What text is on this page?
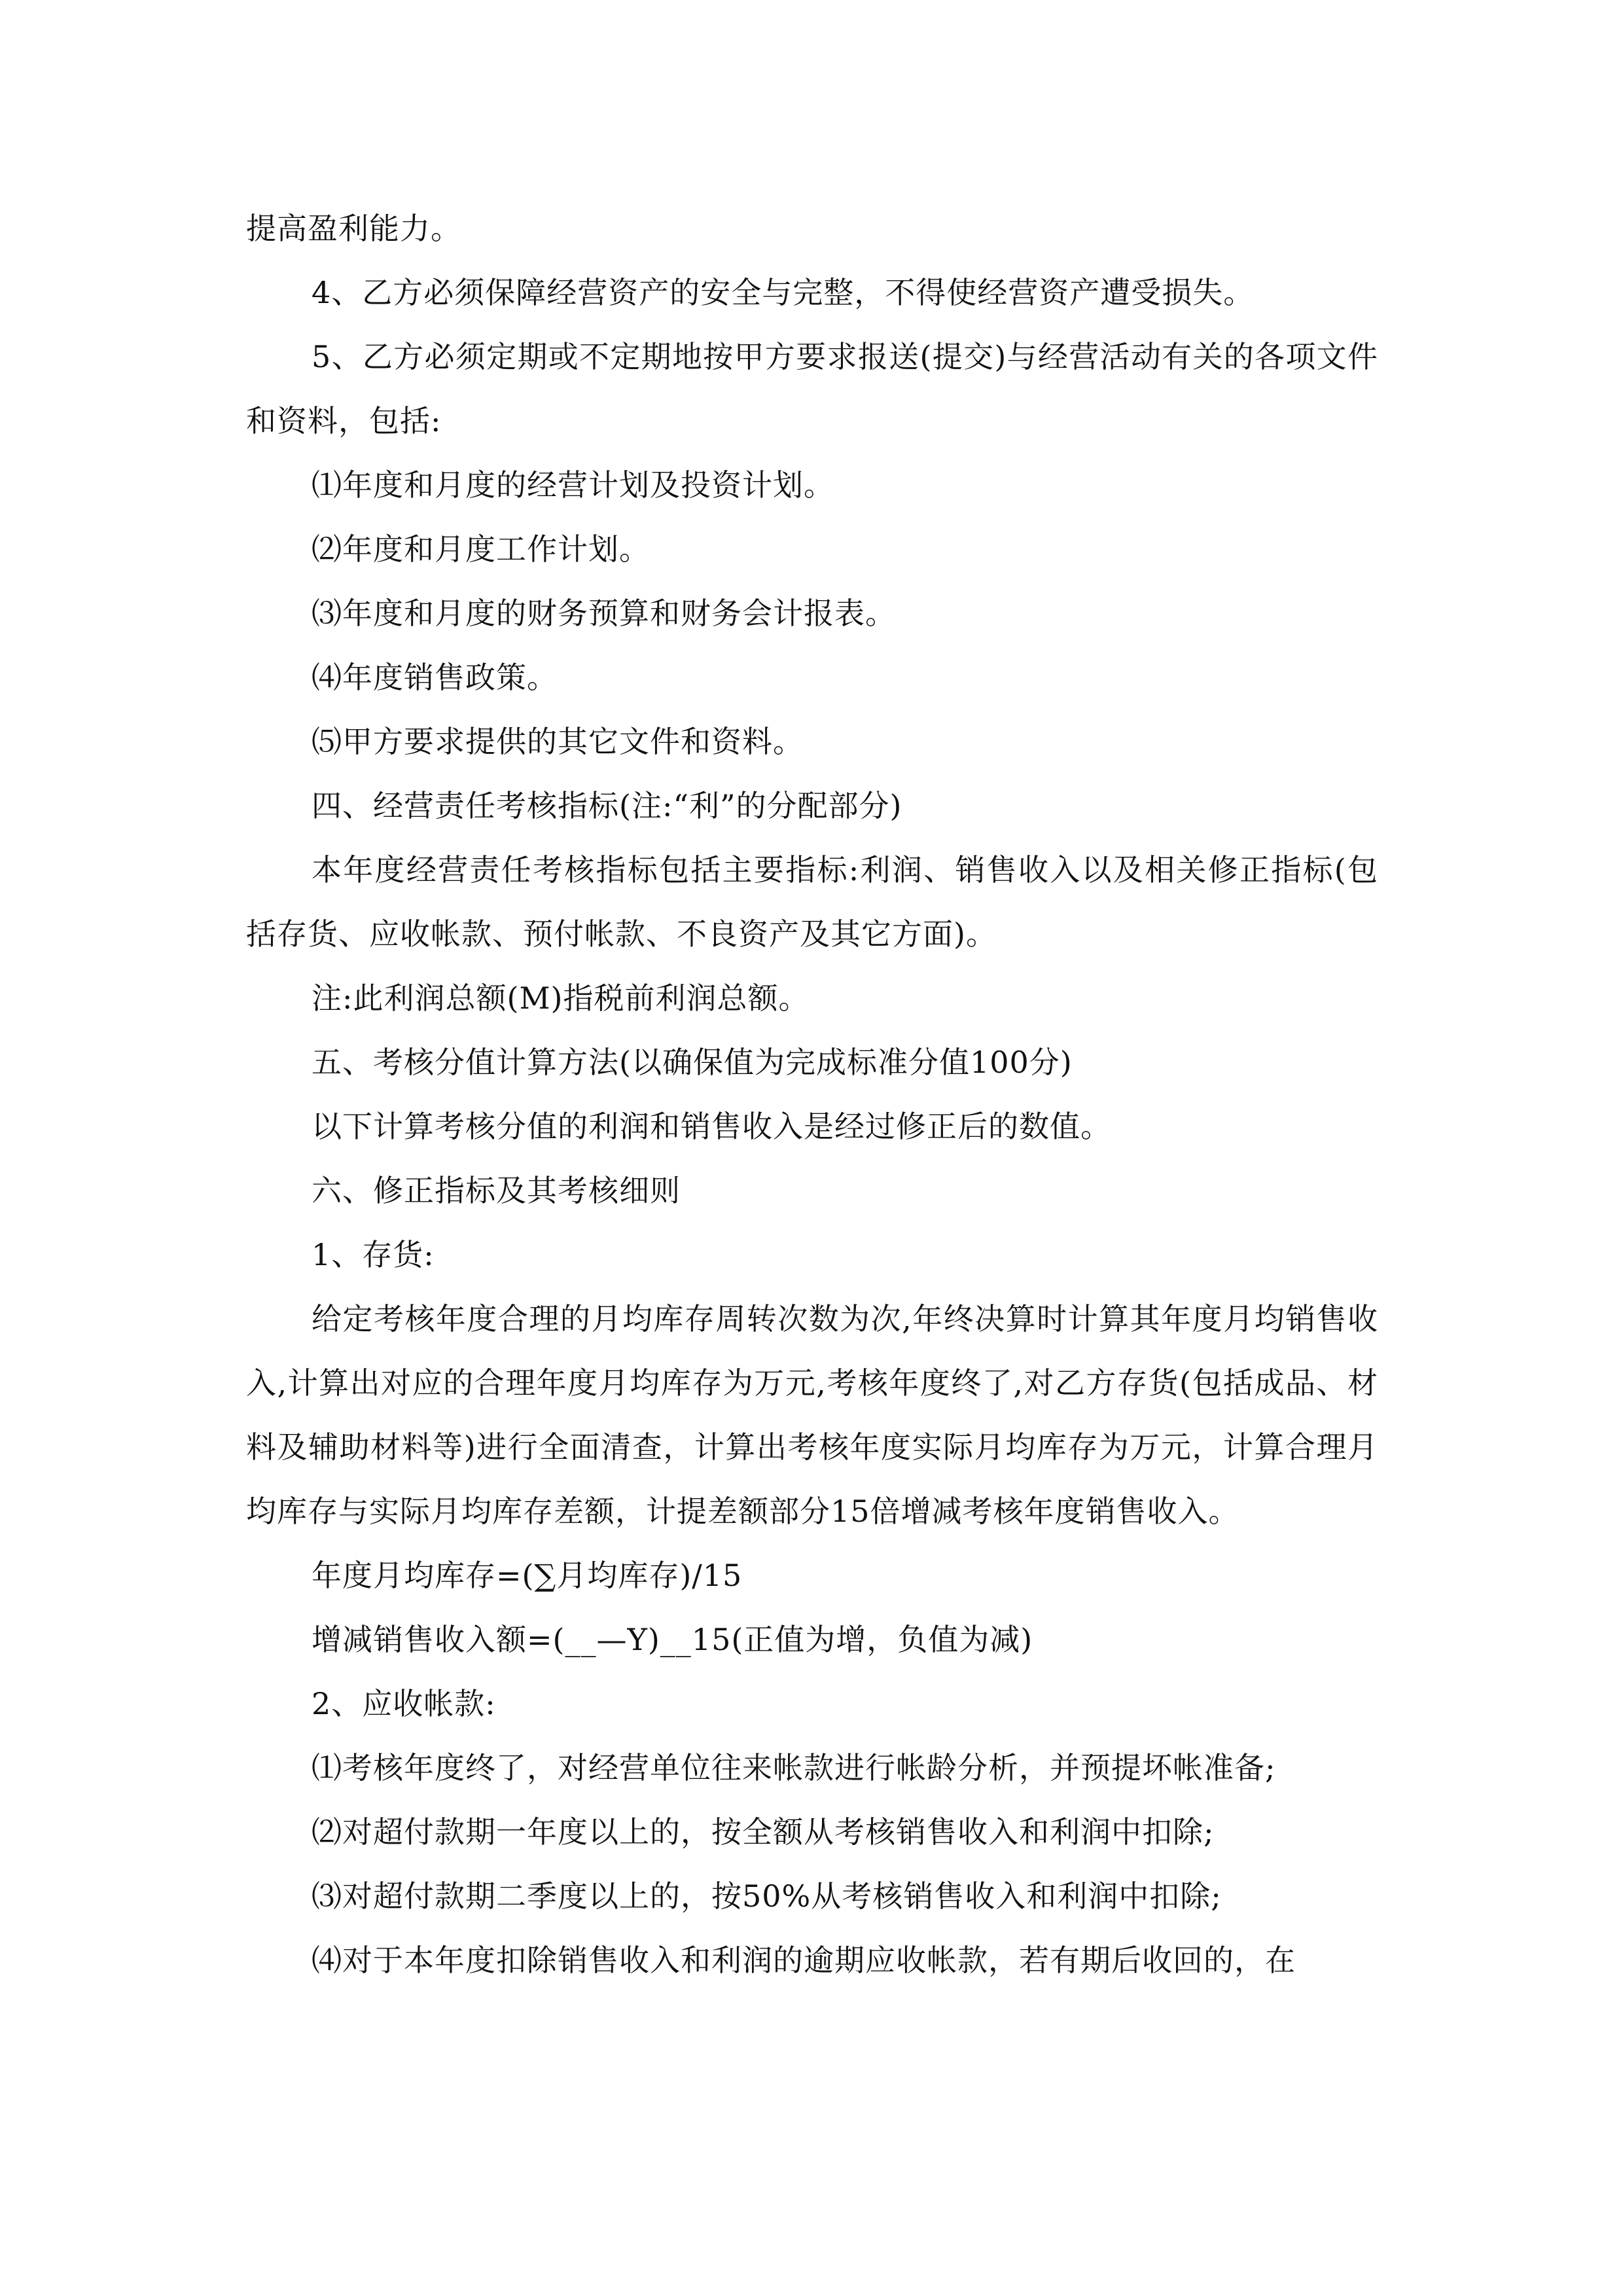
提高盈利能力。

4、乙方必须保障经营资产的安全与完整，不得使经营资产遭受损失。

5、乙方必须定期或不定期地按甲方要求报送(提交)与经营活动有关的各项文件和资料，包括:

⑴年度和月度的经营计划及投资计划。

⑵年度和月度工作计划。

⑶年度和月度的财务预算和财务会计报表。

⑷年度销售政策。

⑸甲方要求提供的其它文件和资料。

四、经营责任考核指标(注:“利”的分配部分)

本年度经营责任考核指标包括主要指标:利润、销售收入以及相关修正指标(包括存货、应收帐款、预付帐款、不良资产及其它方面)。

注:此利润总额(M)指税前利润总额。

五、考核分值计算方法(以确保值为完成标准分值100分)

以下计算考核分值的利润和销售收入是经过修正后的数值。

六、修正指标及其考核细则

1、存货:

给定考核年度合理的月均库存周转次数为次,年终决算时计算其年度月均销售收入,计算出对应的合理年度月均库存为万元,考核年度终了,对乙方存货(包括成品、材料及辅助材料等)进行全面清查，计算出考核年度实际月均库存为万元，计算合理月均库存与实际月均库存差额，计提差额部分15倍增减考核年度销售收入。

年度月均库存=(∑月均库存)/15

增减销售收入额=(__—Y)__15(正值为增，负值为减)

2、应收帐款:

⑴考核年度终了，对经营单位往来帐款进行帐龄分析，并预提坏帐准备;

⑵对超付款期一年度以上的，按全额从考核销售收入和利润中扣除;

⑶对超付款期二季度以上的，按50%从考核销售收入和利润中扣除;

⑷对于本年度扣除销售收入和利润的逾期应收帐款，若有期后收回的，在
